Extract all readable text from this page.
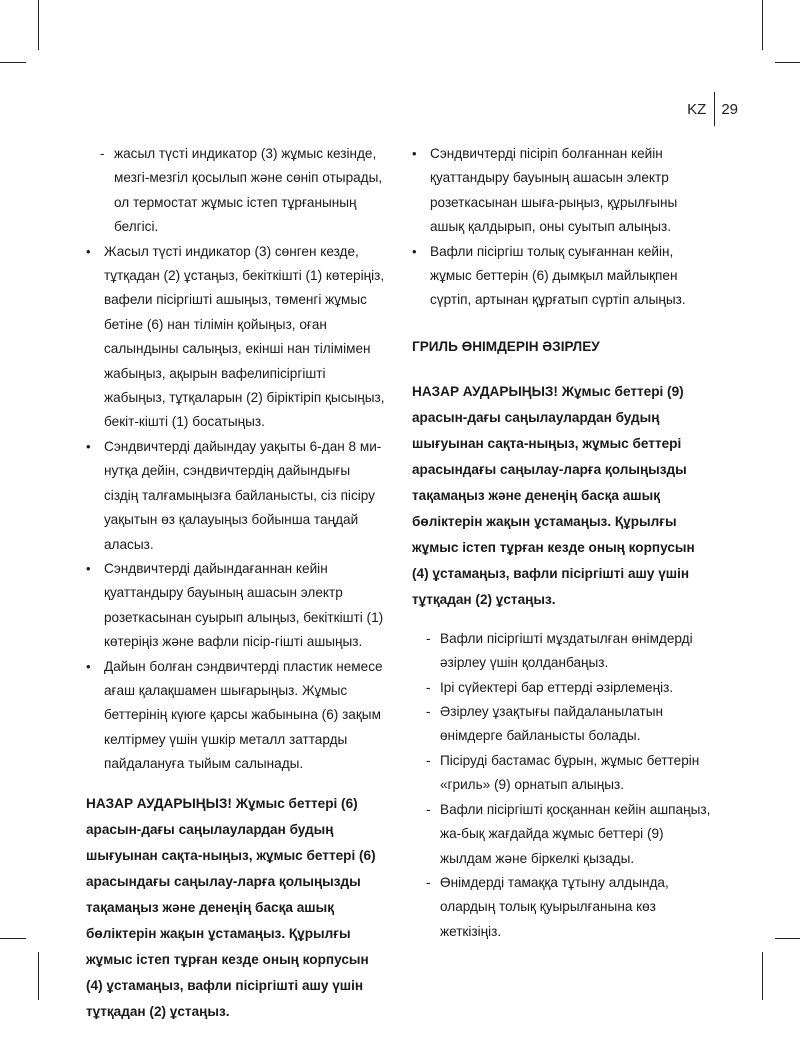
KZ	29
- жасыл түсті индикатор (3) жұмыс кезінде, мезгі-мезгіл қосылып және сөніп отырады, ол термостат жұмыс істеп тұрғанының белгісі.
• Жасыл түсті индикатор (3) сөнген кезде, тұтқадан (2) ұстаңыз, бекіткішті (1) көтеріңіз, вафели пісіргішті ашыңыз, төменгі жұмыс бетіне (6) нан тілімін қойыңыз, оған салындыны салыңыз, екінші нан тілімімен жабыңыз, ақырын вафелипісіргішті жабыңыз, тұтқаларын (2) біріктіріп қысыңыз, бекіт-кішті (1) босатыңыз.
• Сэндвичтерді дайындау уақыты 6-дан 8 ми-нутқа дейін, сэндвичтердің дайындығы сіздің талғамыңызға байланысты, сіз пісіру уақытын өз қалауыңыз бойынша таңдай аласыз.
• Сэндвичтерді дайындағаннан кейін қуаттандыру бауының ашасын электр розеткасынан суырып алыңыз, бекіткішті (1) көтеріңіз және вафли пісір-гішті ашыңыз.
• Дайын болған сэндвичтерді пластик немесе ағаш қалақшамен шығарыңыз. Жұмыс беттерінің күюге қарсы жабынына (6) зақым келтірмеу үшін үшкір металл заттарды пайдалануға тыйым салынады.

НАЗАР АУДАРЫҢЫЗ! Жұмыс беттері (6) арасын-дағы саңылаулардан будың шығуынан сақта-ныңыз, жұмыс беттері (6) арасындағы саңылау-ларға қолыңызды тақамаңыз және денеңің басқа ашық бөліктерін жақын ұстамаңыз. Құрылғы жұмыс істеп тұрған кезде оның корпусын (4) ұстамаңыз, вафли пісіргішті ашу үшін тұтқадан (2) ұстаңыз.

• Сэндвичтерді пісіріп болғаннан кейін қуаттандыру бауының ашасын электр розеткасынан шыға-рыңыз, құрылғыны ашық қалдырып, оны суытып алыңыз.
• Вафли пісіргіш толық суығаннан кейін, жұмыс беттерін (6) дымқыл майлықпен сүртіп, артынан құрғатып сүртіп алыңыз.
ГРИЛЬ ӨНІМДЕРІН ӘЗІРЛЕУ

НАЗАР АУДАРЫҢЫЗ! Жұмыс беттері (9) арасын-дағы саңылаулардан будың шығуынан сақта-ныңыз, жұмыс беттері арасындағы саңылау-ларға қолыңызды тақамаңыз және денеңің басқа ашық бөліктерін жақын ұстамаңыз. Құрылғы жұмыс істеп тұрған кезде оның корпусын (4) ұстамаңыз, вафли пісіргішті ашу үшін тұтқадан (2) ұстаңыз.

- Вафли пісіргішті мұздатылған өнімдерді әзірлеу үшін қолданбаңыз.
- Ірі сүйектері бар еттерді әзірлемеңіз.
- Әзірлеу ұзақтығы пайдаланылатын өнімдерге байланысты болады.
- Пісіруді бастамас бұрын, жұмыс беттерін «гриль» (9) орнатып алыңыз.
- Вафли пісіргішті қосқаннан кейін ашпаңыз, жа-бық жағдайда жұмыс беттері (9) жылдам және біркелкі қызады.
- Өнімдерді тамаққа тұтыну алдында, олардың толық қуырылғанына көз жеткізіңіз.
